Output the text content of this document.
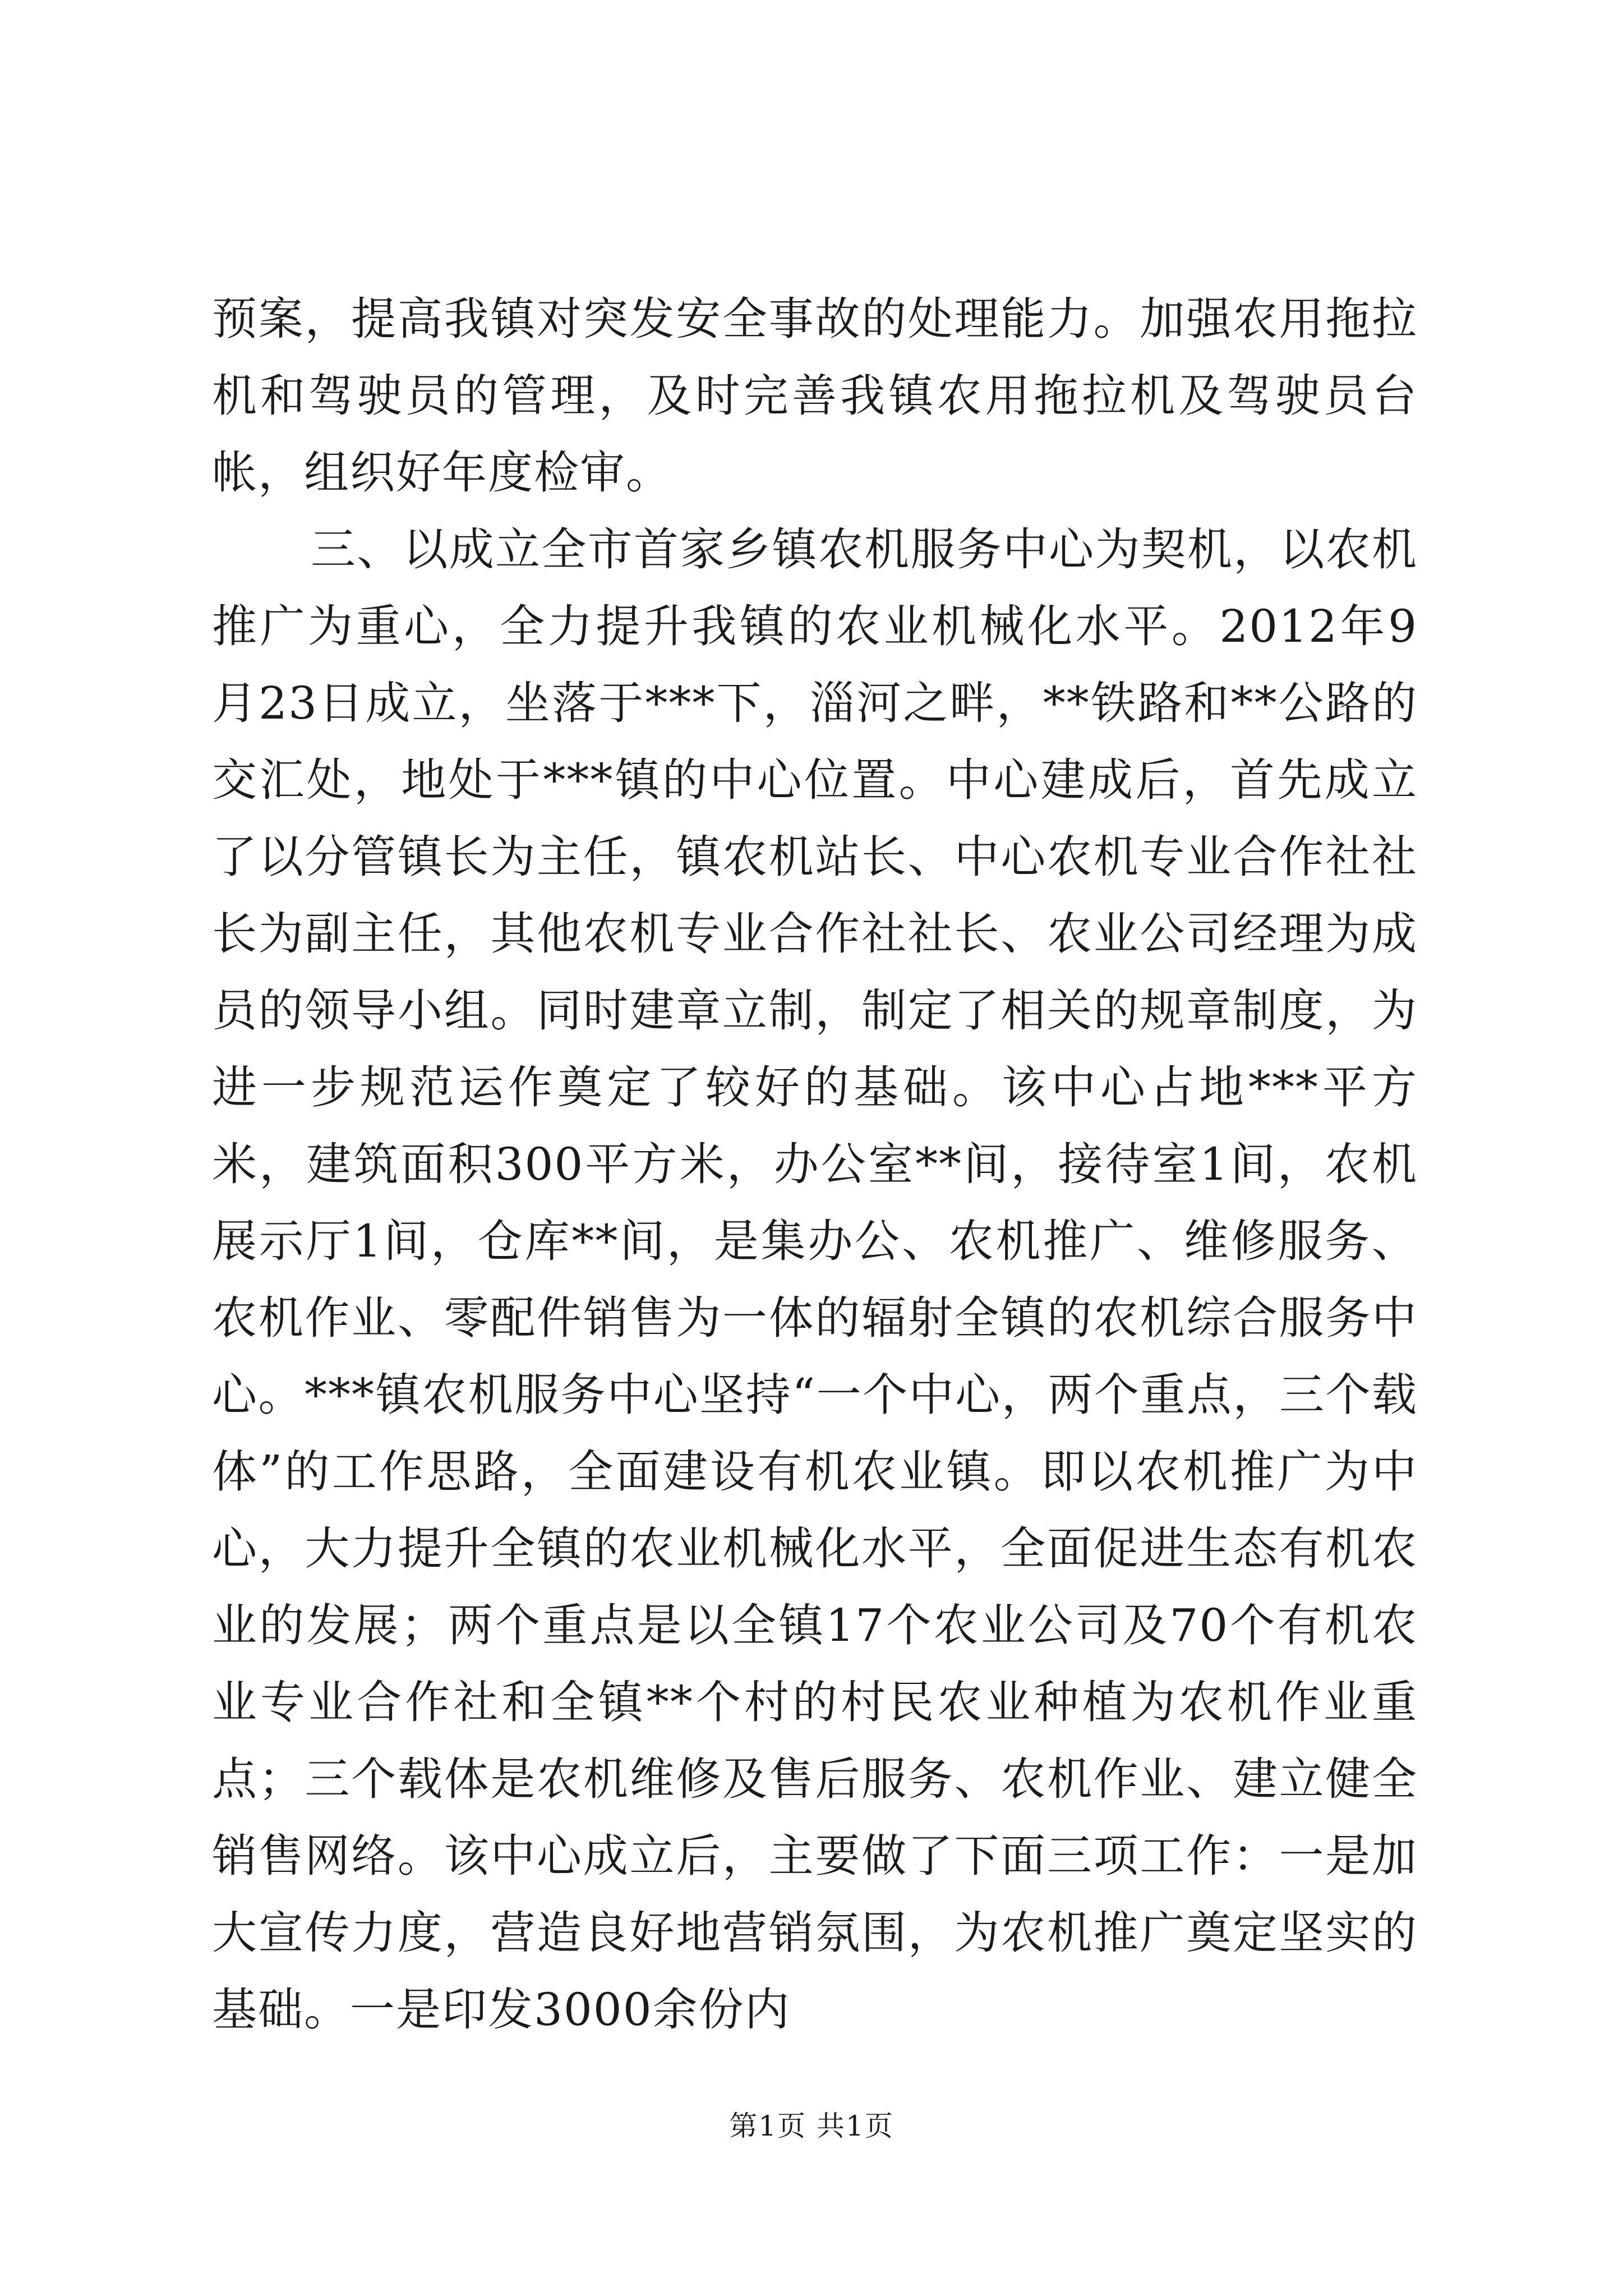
预案，提高我镇对突发安全事故的处理能力。加强农用拖拉机和驾驶员的管理，及时完善我镇农用拖拉机及驾驶员台帐，组织好年度检审。

三、以成立全市首家乡镇农机服务中心为契机，以农机推广为重心，全力提升我镇的农业机械化水平。2012年9月23日成立，坐落于***下，淄河之畔，**铁路和**公路的交汇处，地处于***镇的中心位置。中心建成后，首先成立了以分管镇长为主任，镇农机站长、中心农机专业合作社社长为副主任，其他农机专业合作社社长、农业公司经理为成员的领导小组。同时建章立制，制定了相关的规章制度，为进一步规范运作奠定了较好的基础。该中心占地***平方米，建筑面积300平方米，办公室**间，接待室1间，农机展示厅1间，仓库**间，是集办公、农机推广、维修服务、农机作业、零配件销售为一体的辐射全镇的农机综合服务中心。***镇农机服务中心坚持“一个中心，两个重点，三个载体”的工作思路，全面建设有机农业镇。即以农机推广为中心，大力提升全镇的农业机械化水平，全面促进生态有机农业的发展；两个重点是以全镇17个农业公司及70个有机农业专业合作社和全镇**个村的村民农业种植为农机作业重点；三个载体是农机维修及售后服务、农机作业、建立健全销售网络。该中心成立后，主要做了下面三项工作：一是加大宣传力度，营造良好地营销氛围，为农机推广奠定坚实的基础。一是印发3000余份内

第1页 共1页
